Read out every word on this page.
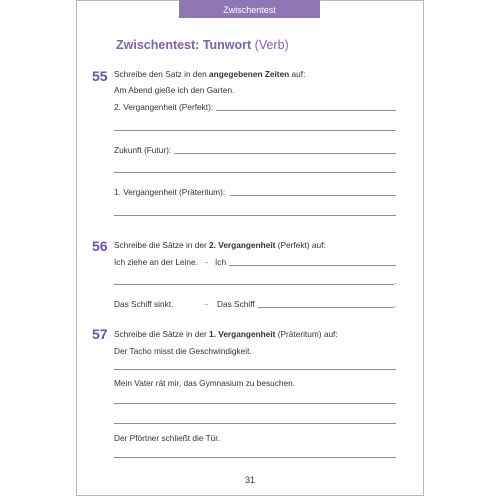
Zwischentest
Zwischentest: Tunwort (Verb)
55 Schreibe den Satz in den angegebenen Zeiten auf:
Am Abend gieße ich den Garten.
2. Vergangenheit (Perfekt):
Zukunft (Futur):
1. Vergangenheit (Präteritum):
56 Schreibe die Sätze in der 2. Vergangenheit (Perfekt) auf:
Ich ziehe an der Leine. → Ich
.
Das Schiff sinkt.	→ Das Schiff	.
57 Schreibe die Sätze in der 1. Vergangenheit (Präteritum) auf:
Der Tacho misst die Geschwindigkeit.
Mein Vater rät mir, das Gymnasium zu besuchen.
Der Pförtner schließt die Tür.
31
